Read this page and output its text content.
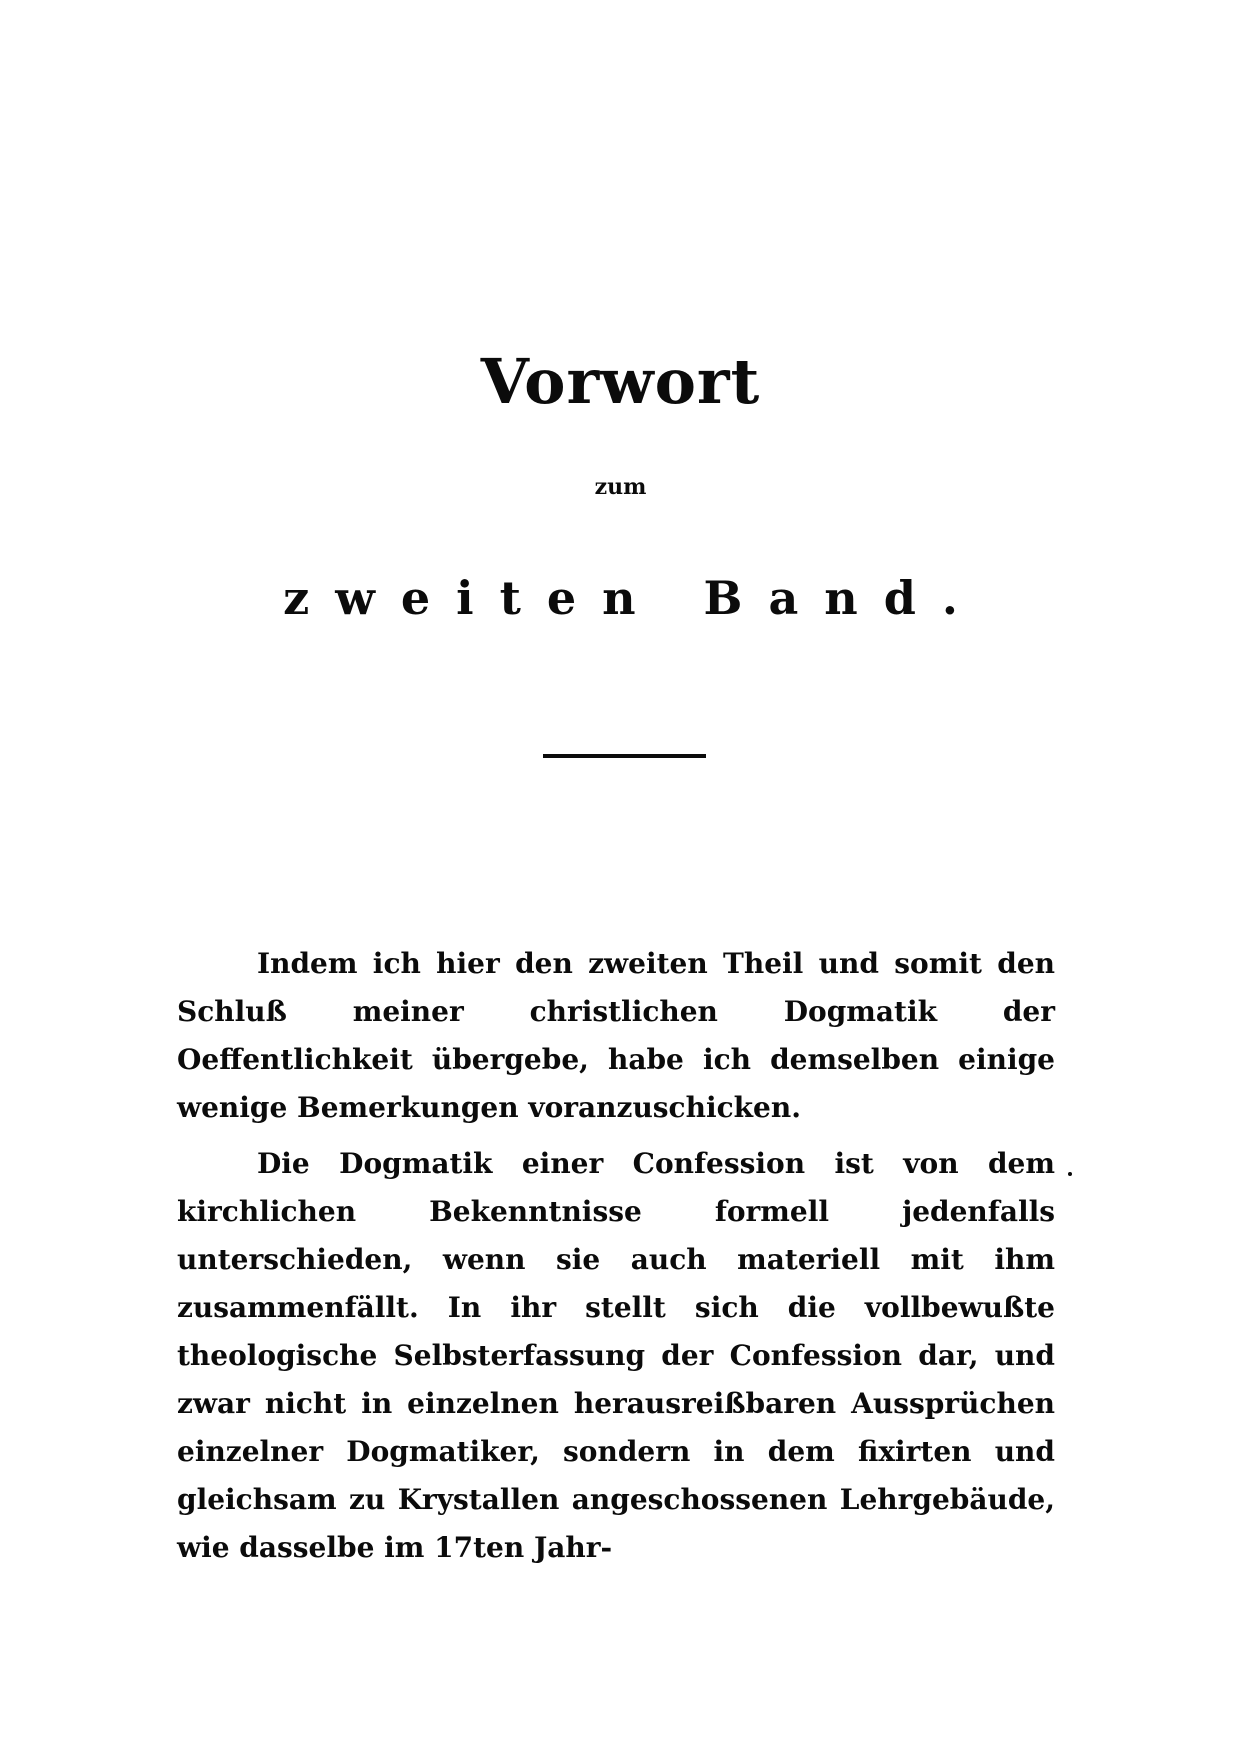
Vorwort
zum
zweiten Band.

Indem ich hier den zweiten Theil und somit den Schluß meiner christlichen Dogmatik der Oeffentlichkeit übergebe, habe ich demselben einige wenige Bemerkungen voranzuschicken.

Die Dogmatik einer Confession ist von dem kirchlichen Bekenntnisse formell jedenfalls unterschieden, wenn sie auch materiell mit ihm zusammenfällt. In ihr stellt sich die vollbewußte theologische Selbsterfassung der Confession dar, und zwar nicht in einzelnen herausreißbaren Aussprüchen einzelner Dogmatiker, sondern in dem fixirten und gleichsam zu Krystallen angeschossenen Lehrgebäude, wie dasselbe im 17ten Jahr-
